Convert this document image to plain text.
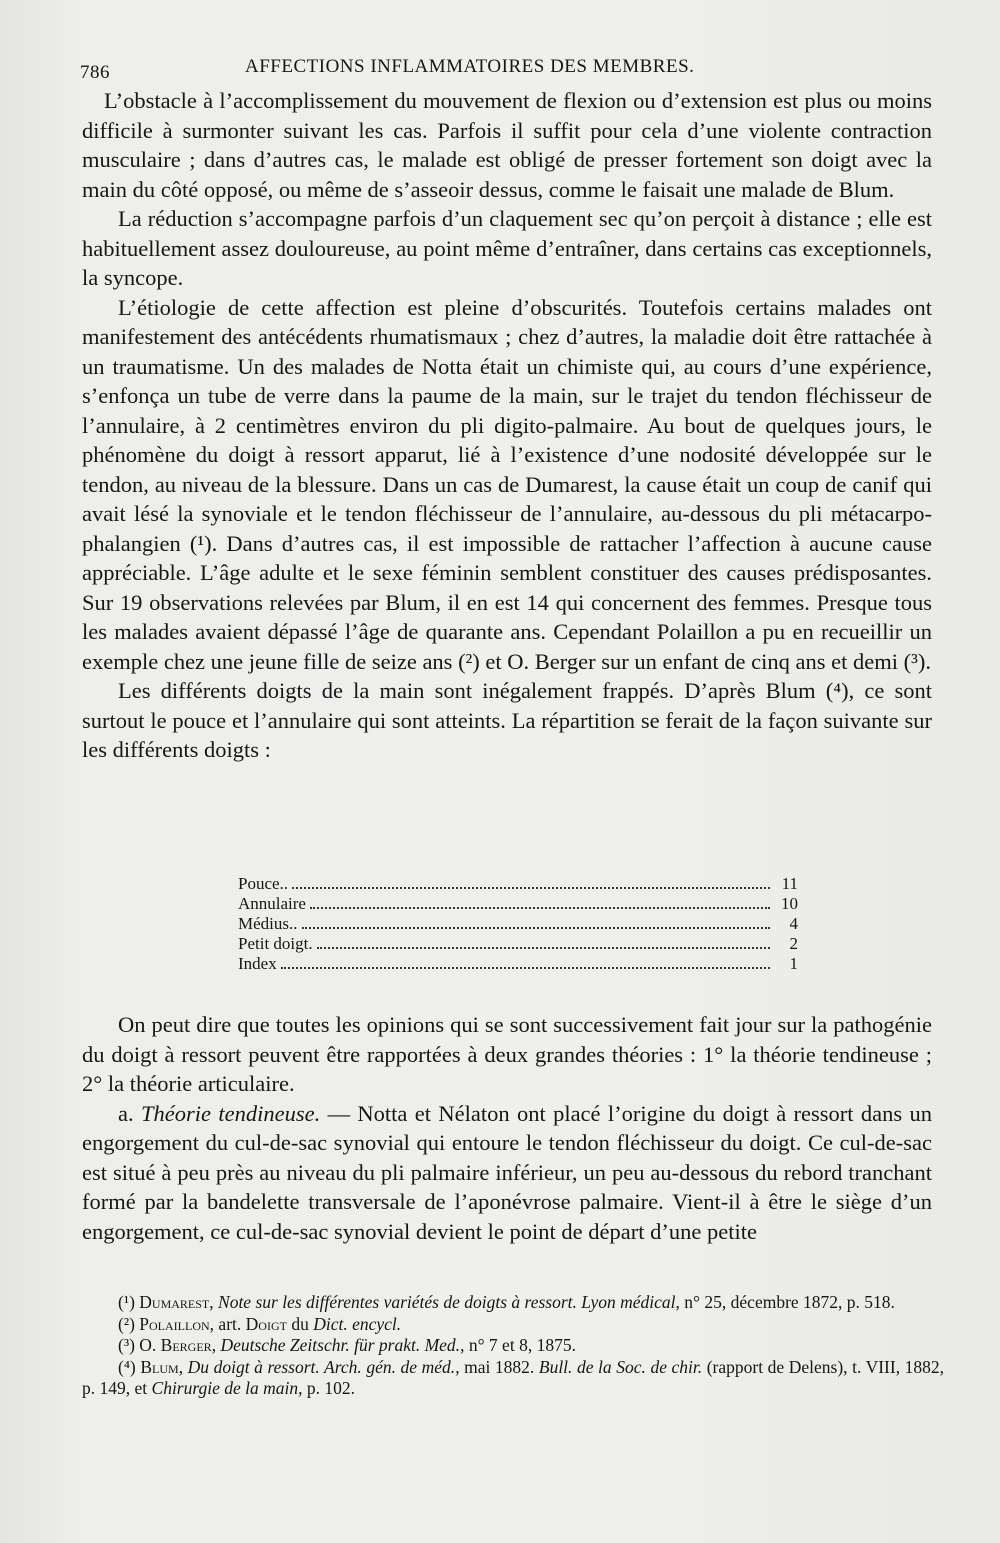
786	AFFECTIONS INFLAMMATOIRES DES MEMBRES.

L’obstacle à l’accomplissement du mouvement de flexion ou d’extension est plus ou moins difficile à surmonter suivant les cas. Parfois il suffit pour cela d’une violente contraction musculaire ; dans d’autres cas, le malade est obligé de presser fortement son doigt avec la main du côté opposé, ou même de s’asseoir dessus, comme le faisait une malade de Blum.

La réduction s’accompagne parfois d’un claquement sec qu’on perçoit à distance ; elle est habituellement assez douloureuse, au point même d’entraîner, dans certains cas exceptionnels, la syncope.

L’étiologie de cette affection est pleine d’obscurités. Toutefois certains malades ont manifestement des antécédents rhumatismaux ; chez d’autres, la maladie doit être rattachée à un traumatisme. Un des malades de Notta était un chimiste qui, au cours d’une expérience, s’enfonça un tube de verre dans la paume de la main, sur le trajet du tendon fléchisseur de l’annulaire, à 2 centimètres environ du pli digito-palmaire. Au bout de quelques jours, le phénomène du doigt à ressort apparut, lié à l’existence d’une nodosité développée sur le tendon, au niveau de la blessure. Dans un cas de Dumarest, la cause était un coup de canif qui avait lésé la synoviale et le tendon fléchisseur de l’annulaire, au-dessous du pli métacarpo-phalangien (¹). Dans d’autres cas, il est impossible de rattacher l’affection à aucune cause appréciable. L’âge adulte et le sexe féminin semblent constituer des causes prédisposantes. Sur 19 observations relevées par Blum, il en est 14 qui concernent des femmes. Presque tous les malades avaient dépassé l’âge de quarante ans. Cependant Polaillon a pu en recueillir un exemple chez une jeune fille de seize ans (²) et O. Berger sur un enfant de cinq ans et demi (³).

Les différents doigts de la main sont inégalement frappés. D’après Blum (⁴), ce sont surtout le pouce et l’annulaire qui sont atteints. La répartition se ferait de la façon suivante sur les différents doigts :

Pouce..	11
Annulaire	10
Médius..	4
Petit doigt.	2
Index	1

On peut dire que toutes les opinions qui se sont successivement fait jour sur la pathogénie du doigt à ressort peuvent être rapportées à deux grandes théories : 1° la théorie tendineuse ; 2° la théorie articulaire.

a. Théorie tendineuse. — Notta et Nélaton ont placé l’origine du doigt à ressort dans un engorgement du cul-de-sac synovial qui entoure le tendon fléchisseur du doigt. Ce cul-de-sac est situé à peu près au niveau du pli palmaire inférieur, un peu au-dessous du rebord tranchant formé par la bandelette transversale de l’aponévrose palmaire. Vient-il à être le siège d’un engorgement, ce cul-de-sac synovial devient le point de départ d’une petite

(¹) Dumarest, Note sur les différentes variétés de doigts à ressort. Lyon médical, n° 25, décembre 1872, p. 518.

(²) Polaillon, art. Doigt du Dict. encycl.

(³) O. Berger, Deutsche Zeitschr. für prakt. Med., n° 7 et 8, 1875.

(⁴) Blum, Du doigt à ressort. Arch. gén. de méd., mai 1882. Bull. de la Soc. de chir. (rapport de Delens), t. VIII, 1882, p. 149, et Chirurgie de la main, p. 102.
